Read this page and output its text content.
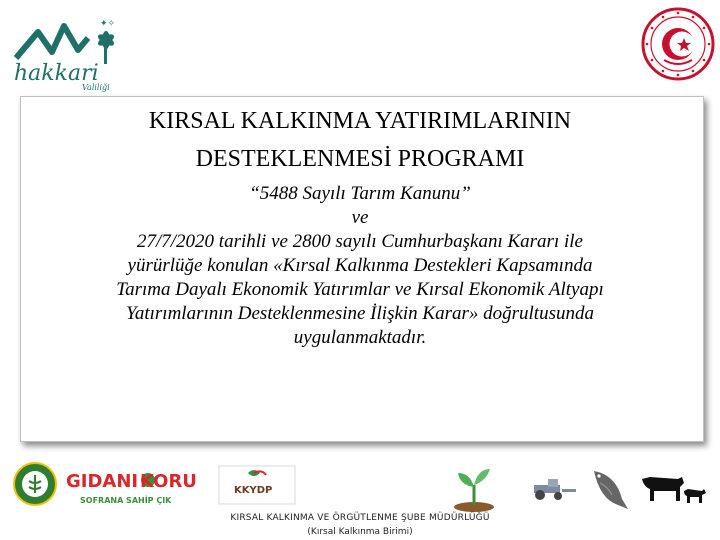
✦✧
hakkari
Valiliği
KIRSAL KALKINMA YATIRIMLARININ
DESTEKLENMESİ PROGRAMI
“5488 Sayılı Tarım Kanunu”
ve
27/7/2020 tarihli ve 2800 sayılı Cumhurbaşkanı Kararı ile
yürürlüğe konulan «Kırsal Kalkınma Destekleri Kapsamında
Tarıma Dayalı Ekonomik Yatırımlar ve Kırsal Ekonomik Altyapı
Yatırımlarının Desteklenmesine İlişkin Karar» doğrultusunda
uygulanmaktadır.
GIDANI KORU
SOFRANA SAHİP ÇIK
KKYDP
KIRSAL KALKINMA VE ÖRGÜTLENME ŞUBE MÜDÜRLÜĞÜ
(Kırsal Kalkınma Birimi)
